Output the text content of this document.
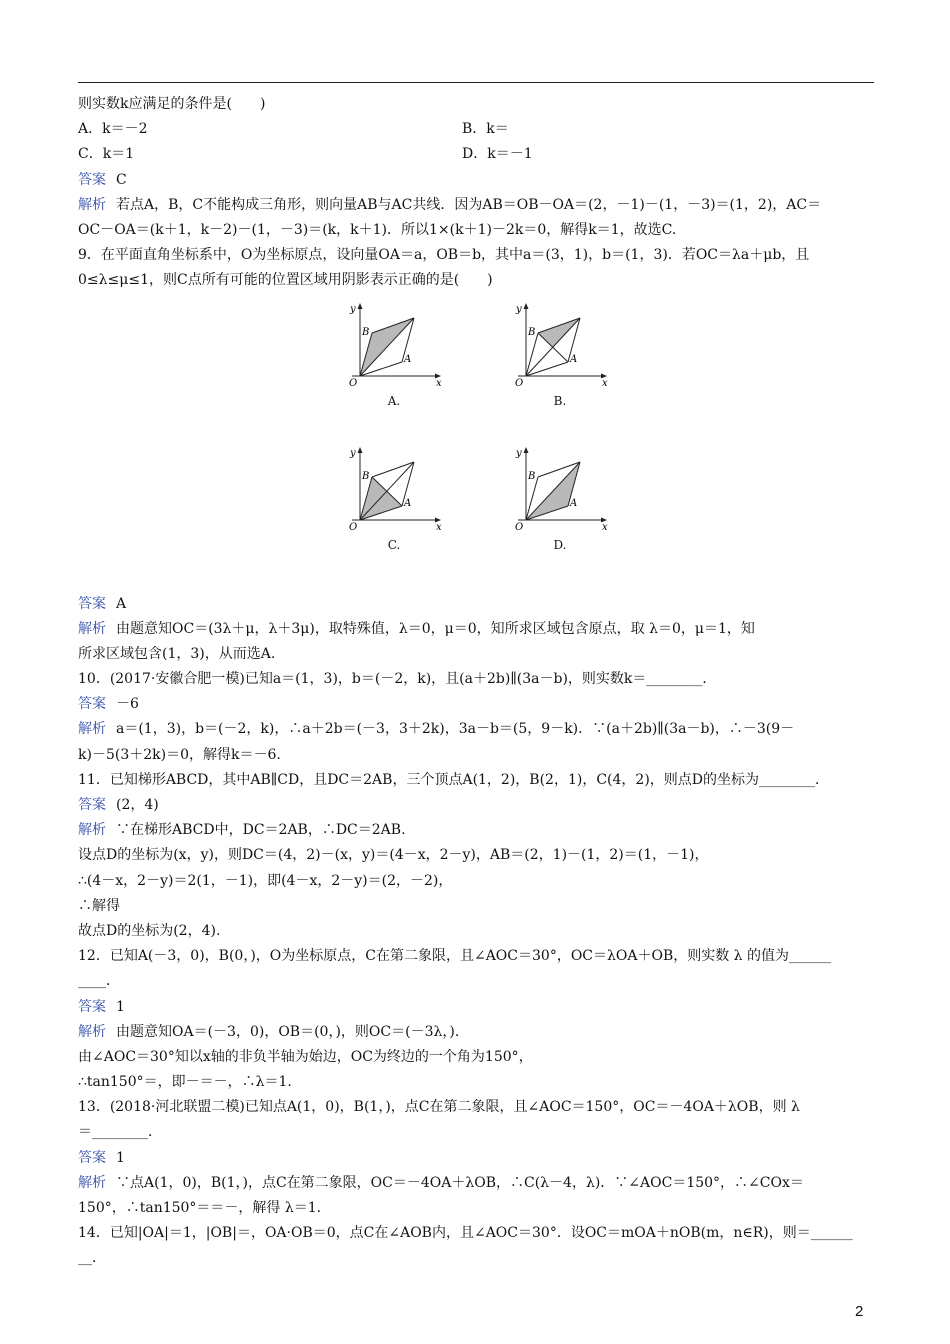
则实数k应满足的条件是(　　)
A．k＝－2	B．k＝
C．k＝1	D．k＝－1
答案 C
解析 若点A，B，C不能构成三角形，则向量AB与AC共线．因为AB＝OB－OA＝(2，－1)－(1，－3)＝(1，2)，AC＝
OC－OA＝(k＋1，k－2)－(1，－3)＝(k，k＋1)．所以1×(k＋1)－2k＝0，解得k＝1，故选C.
9．在平面直角坐标系中，O为坐标原点，设向量OA＝a，OB＝b，其中a＝(3，1)，b＝(1，3)．若OC＝λa＋μb，且
0≤λ≤μ≤1，则C点所有可能的位置区域用阴影表示正确的是(　　)
y
x
O
B
A
A.
y
x
O
B
A
B.
y
x
O
B
A
C.
y
x
O
B
A
D.
答案 A
解析 由题意知OC＝(3λ＋μ，λ＋3μ)，取特殊值，λ＝0，μ＝0，知所求区域包含原点，取 λ＝0，μ＝1，知
所求区域包含(1，3)，从而选A.
10．(2017·安徽合肥一模)已知a＝(1，3)，b＝(－2，k)，且(a＋2b)∥(3a－b)，则实数k＝________．
答案 －6
解析 a＝(1，3)，b＝(－2，k)，∴a＋2b＝(－3，3＋2k)，3a－b＝(5，9－k)．∵(a＋2b)∥(3a－b)，∴－3(9－
k)－5(3＋2k)＝0，解得k＝－6.
11．已知梯形ABCD，其中AB∥CD，且DC＝2AB，三个顶点A(1，2)，B(2，1)，C(4，2)，则点D的坐标为________．
答案 (2，4)
解析 ∵在梯形ABCD中，DC＝2AB，∴DC＝2AB.
设点D的坐标为(x，y)，则DC＝(4，2)－(x，y)＝(4－x，2－y)，AB＝(2，1)－(1，2)＝(1，－1)，
∴(4－x，2－y)＝2(1，－1)，即(4－x，2－y)＝(2，－2)，
∴解得
故点D的坐标为(2，4).
12．已知A(－3，0)，B(0，)，O为坐标原点，C在第二象限，且∠AOC＝30°，OC＝λOA＋OB，则实数 λ 的值为______
____．
答案 1
解析 由题意知OA＝(－3，0)，OB＝(0，)，则OC＝(－3λ，)．
由∠AOC＝30°知以x轴的非负半轴为始边，OC为终边的一个角为150°，
∴tan150°＝，即－＝－，∴λ＝1.
13．(2018·河北联盟二模)已知点A(1，0)，B(1，)，点C在第二象限，且∠AOC＝150°，OC＝－4OA＋λOB，则 λ
＝________．
答案 1
解析 ∵点A(1，0)，B(1，)，点C在第二象限，OC＝－4OA＋λOB，∴C(λ－4，λ)．∵∠AOC＝150°，∴∠COx＝
150°，∴tan150°＝＝－，解得 λ＝1.
14．已知|OA|＝1，|OB|＝，OA·OB＝0，点C在∠AOB内，且∠AOC＝30°．设OC＝mOA＋nOB(m，n∈R)，则＝______
__．
2
